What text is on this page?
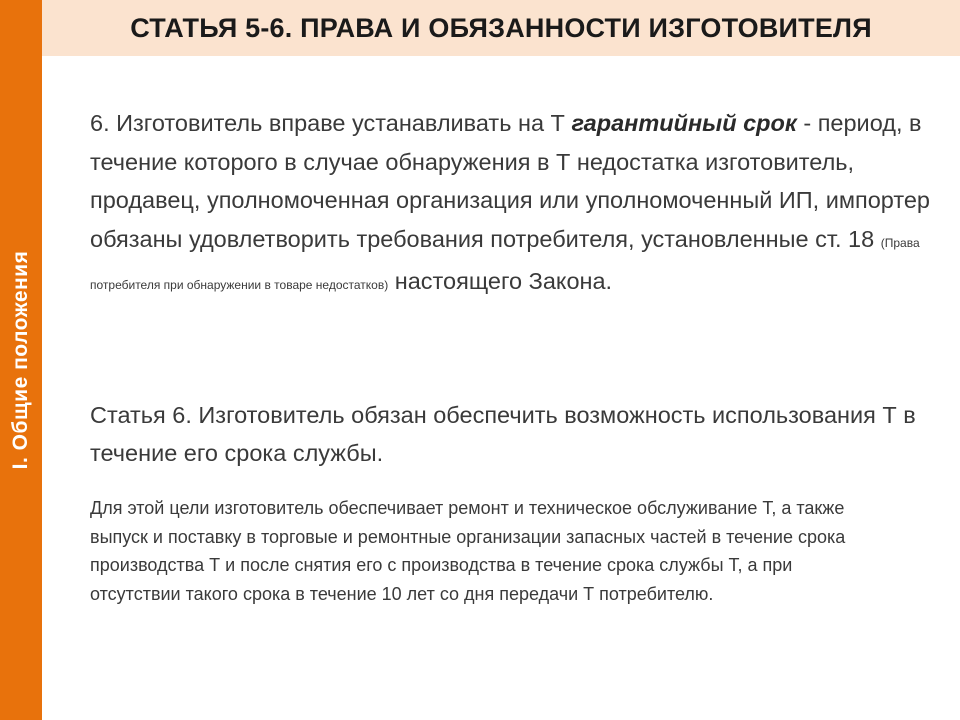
I. Общие положения
СТАТЬЯ 5-6. ПРАВА И ОБЯЗАННОСТИ ИЗГОТОВИТЕЛЯ
6. Изготовитель вправе устанавливать на Т гарантийный срок - период, в течение которого в случае обнаружения в Т недостатка изготовитель, продавец, уполномоченная организация или уполномоченный ИП, импортер обязаны удовлетворить требования потребителя, установленные ст. 18 (Права потребителя при обнаружении в товаре недостатков) настоящего Закона.
Статья 6. Изготовитель обязан обеспечить возможность использования Т в течение его срока службы.
Для этой цели изготовитель обеспечивает ремонт и техническое обслуживание Т, а также выпуск и поставку в торговые и ремонтные организации запасных частей в течение срока производства Т и после снятия его с производства в течение срока службы Т, а при отсутствии такого срока в течение 10 лет со дня передачи Т потребителю.
